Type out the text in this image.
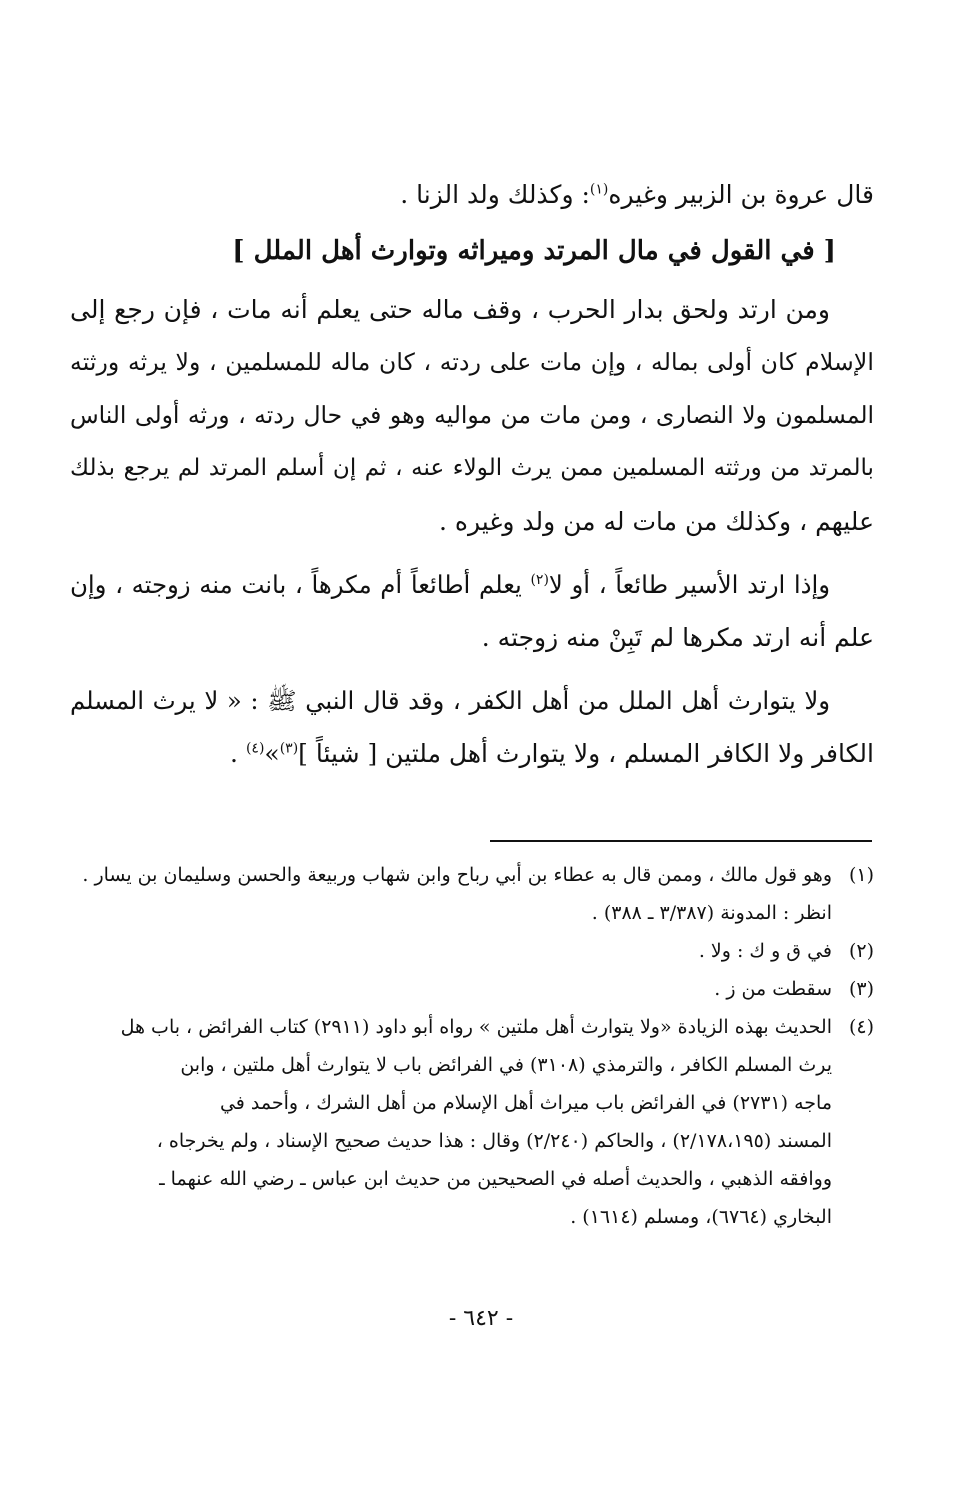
قال عروة بن الزبير وغيره$^{(١)}$: وكذلك ولد الزنا .
[ في القول في مال المرتد وميراثه وتوارث أهل الملل ]
ومن ارتد ولحق بدار الحرب ، وقف ماله حتى يعلم أنه مات ، فإن رجع إلى
الإسلام كان أولى بماله ، وإن مات على ردته ، كان ماله للمسلمين ، ولا يرثه ورثته
المسلمون ولا النصارى ، ومن مات من مواليه وهو في حال ردته ، ورثه أولى الناس
بالمرتد من ورثته المسلمين ممن يرث الولاء عنه ، ثم إن أسلم المرتد لم يرجع بذلك
عليهم ، وكذلك من مات له من ولد وغيره .
وإذا ارتد الأسير طائعاً ، أو لا$^{(٢)}$ يعلم أطائعاً أم مكرهاً ، بانت منه زوجته ، وإن
علم أنه ارتد مكرها لم تَبِنْ منه زوجته .
ولا يتوارث أهل الملل من أهل الكفر ، وقد قال النبي ﷺ : « لا يرث المسلم
الكافر ولا الكافر المسلم ، ولا يتوارث أهل ملتين [ شيئاً ]$^{(٣)}$»$^{(٤)}$ .
(١)
وهو قول مالك ، وممن قال به عطاء بن أبي رباح وابن شهاب وربيعة والحسن وسليمان بن يسار .
انظر : المدونة (٣/٣٨٧ ـ ٣٨٨) .
(٢)
في ق و ك : ولا .
(٣)
سقطت من ز .
(٤)
الحديث بهذه الزيادة «ولا يتوارث أهل ملتين » رواه أبو داود (٢٩١١) كتاب الفرائض ، باب هل
يرث المسلم الكافر ، والترمذي (٣١٠٨) في الفرائض باب لا يتوارث أهل ملتين ، وابن
ماجه (٢٧٣١) في الفرائض باب ميراث أهل الإسلام من أهل الشرك ، وأحمد في
المسند (٢/١٧٨،١٩٥) ، والحاكم (٢/٢٤٠) وقال : هذا حديث صحيح الإسناد ، ولم يخرجاه ،
ووافقه الذهبي ، والحديث أصله في الصحيحين من حديث ابن عباس ـ رضي الله عنهما ـ
البخاري (٦٧٦٤)، ومسلم (١٦١٤) .
- ٦٤٢ -
